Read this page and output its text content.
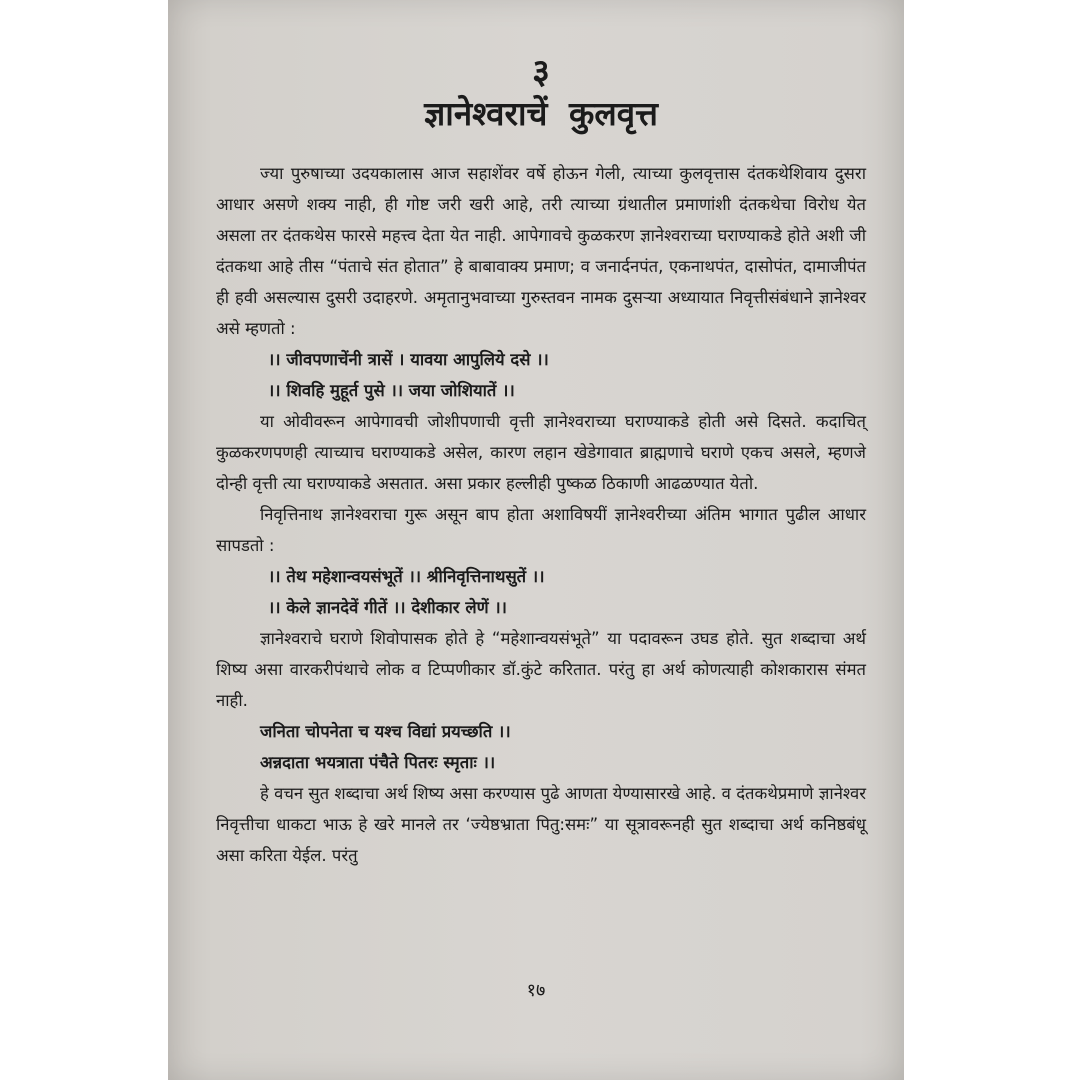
३

ज्ञानेश्वराचें कुलवृत्त

ज्या पुरुषाच्या उदयकालास आज सहाशेंवर वर्षे होऊन गेली, त्याच्या कुलवृत्तास दंतकथेशिवाय दुसरा आधार असणे शक्य नाही, ही गोष्ट जरी खरी आहे, तरी त्याच्या ग्रंथातील प्रमाणांशी दंतकथेचा विरोध येत असला तर दंतकथेस फारसे महत्त्व देता येत नाही. आपेगावचे कुळकरण ज्ञानेश्वराच्या घराण्याकडे होते अशी जी दंतकथा आहे तीस “पंताचे संत होतात” हे बाबावाक्य प्रमाण; व जनार्दनपंत, एकनाथपंत, दासोपंत, दामाजीपंत ही हवी असल्यास दुसरी उदाहरणे. अमृतानुभवाच्या गुरुस्तवन नामक दुसऱ्या अध्यायात निवृत्तीसंबंधाने ज्ञानेश्वर असे म्हणतो :

।। जीवपणाचेंनी त्रासें । यावया आपुलिये दसे ।।

।। शिवहि मुहूर्त पुसे ।। जया जोशियातें ।।

या ओवीवरून आपेगावची जोशीपणाची वृत्ती ज्ञानेश्वराच्या घराण्याकडे होती असे दिसते. कदाचित् कुळकरणपणही त्याच्याच घराण्याकडे असेल, कारण लहान खेडेगावात ब्राह्मणाचे घराणे एकच असले, म्हणजे दोन्ही वृत्ती त्या घराण्याकडे असतात. असा प्रकार हल्लीही पुष्कळ ठिकाणी आढळण्यात येतो.

निवृत्तिनाथ ज्ञानेश्वराचा गुरू असून बाप होता अशाविषयीं ज्ञानेश्वरीच्या अंतिम भागात पुढील आधार सापडतो :

।। तेथ महेशान्वयसंभूतें ।। श्रीनिवृत्तिनाथसुतें ।।

।। केले ज्ञानदेवें गीतें ।। देशीकार लेणें ।।

ज्ञानेश्वराचे घराणे शिवोपासक होते हे “महेशान्वयसंभूते” या पदावरून उघड होते. सुत शब्दाचा अर्थ शिष्य असा वारकरीपंथाचे लोक व टिप्पणीकार डॉ.कुंटे करितात. परंतु हा अर्थ कोणत्याही कोशकारास संमत नाही.

जनिता चोपनेता च यश्च विद्यां प्रयच्छति ।।

अन्नदाता भयत्राता पंचैते पितरः स्मृताः ।।

हे वचन सुत शब्दाचा अर्थ शिष्य असा करण्यास पुढे आणता येण्यासारखे आहे. व दंतकथेप्रमाणे ज्ञानेश्वर निवृत्तीचा धाकटा भाऊ हे खरे मानले तर ‘ज्येष्ठभ्राता पितु:समः” या सूत्रावरूनही सुत शब्दाचा अर्थ कनिष्ठबंधू असा करिता येईल. परंतु

१७
